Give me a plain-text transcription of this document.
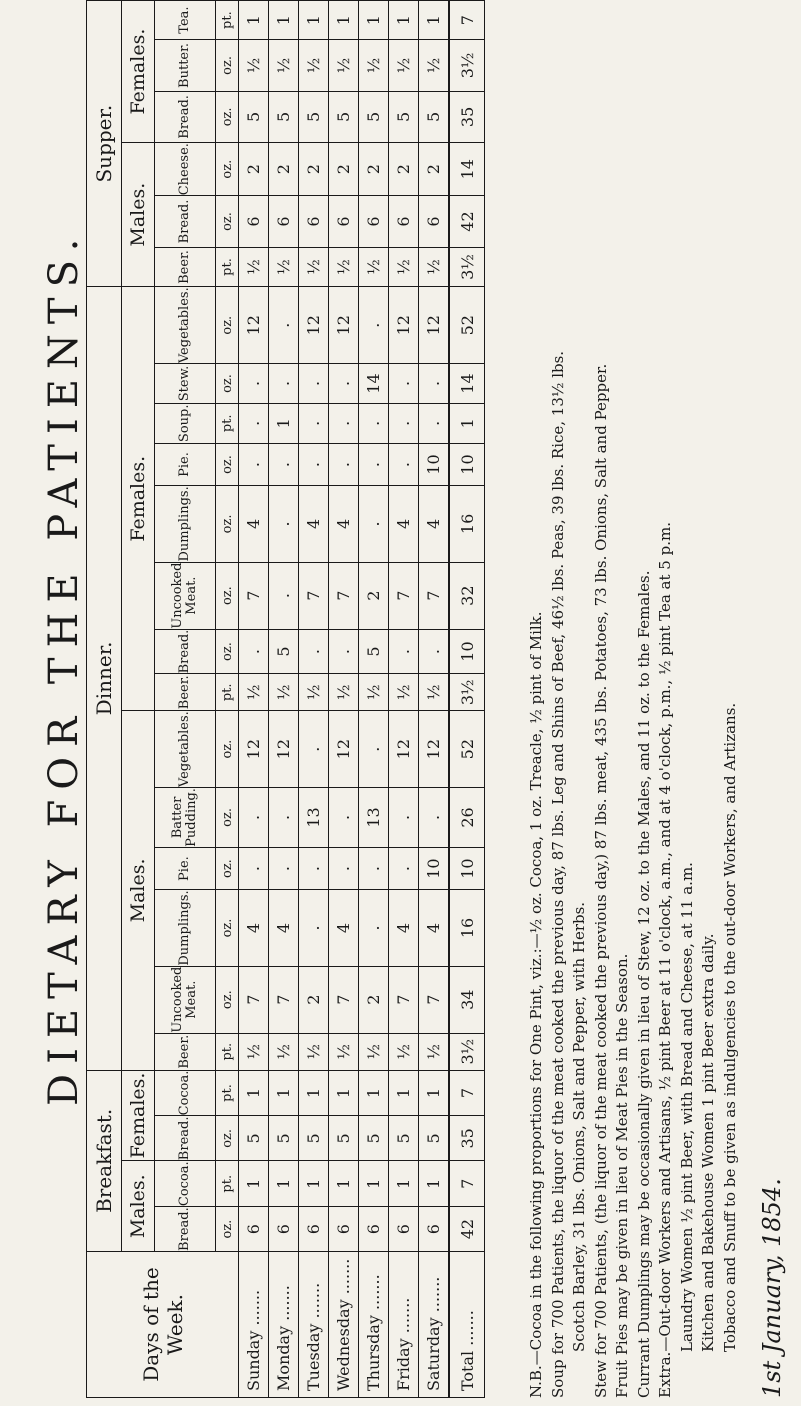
DIETARY FOR THE PATIENTS.
Days of the Week.	Breakfast.				Dinner.														Supper.					
	Males.		Females.		Males.						Females.								Males.			Females.		
	Bread.	Cocoa.	Bread.	Cocoa.	Beer.	Uncooked Meat.	Dumplings.	Pie.	Batter Pudding.	Vegetables.	Beer.	Bread.	Uncooked Meat.	Dumplings.	Pie.	Soup.	Stew.	Vegetables.	Beer.	Bread.	Cheese.	Bread.	Butter.	Tea.
	oz.	pt.	oz.	pt.	pt.	oz.	oz.	oz.	oz.	oz.	pt.	oz.	oz.	oz.	oz.	pt.	oz.	oz.	pt.	oz.	oz.	oz.	oz.	pt.
Sunday .......	6	1	5	1	½	7	4	.	.	12	½	.	7	4	.	.	.	12	½	6	2	5	½	1
Monday .......	6	1	5	1	½	7	4	.	.	12	½	5	.	.	.	1	.	.	½	6	2	5	½	1
Tuesday .......	6	1	5	1	½	2	.	.	13	.	½	.	7	4	.	.	.	12	½	6	2	5	½	1
Wednesday .......	6	1	5	1	½	7	4	.	.	12	½	.	7	4	.	.	.	12	½	6	2	5	½	1
Thursday .......	6	1	5	1	½	2	.	.	13	.	½	5	2	.	.	.	14	.	½	6	2	5	½	1
Friday .......	6	1	5	1	½	7	4	.	.	12	½	.	7	4	.	.	.	12	½	6	2	5	½	1
Saturday .......	6	1	5	1	½	7	4	10	.	12	½	.	7	4	10	.	.	12	½	6	2	5	½	1
Total .......	42	7	35	7	3½	34	16	10	26	52	3½	10	32	16	10	1	14	52	3½	42	14	35	3½	7

N.B.—Cocoa in the following proportions for One Pint, viz.:—½ oz. Cocoa, 1 oz. Treacle, ½ pint of Milk. Soup for 700 Patients, the liquor of the meat cooked the previous day, 87 lbs. Leg and Shins of Beef, 46½ lbs. Peas, 39 lbs. Rice, 13½ lbs. Scotch Barley, 31 lbs. Onions, Salt and Pepper, with Herbs. Stew for 700 Patients, (the liquor of the meat cooked the previous day,) 87 lbs. meat, 435 lbs. Potatoes, 73 lbs. Onions, Salt and Pepper. Fruit Pies may be given in lieu of Meat Pies in the Season. Currant Dumplings may be occasionally given in lieu of Stew, 12 oz. to the Males, and 11 oz. to the Females. Extra.—Out-door Workers and Artisans, ½ pint Beer at 11 o'clock, a.m., and at 4 o'clock, p.m., ½ pint Tea at 5 p.m. Laundry Women ½ pint Beer, with Bread and Cheese, at 11 a.m. Kitchen and Bakehouse Women 1 pint Beer extra daily. Tobacco and Snuff to be given as indulgencies to the out-door Workers, and Artizans. 1st January, 1854.
